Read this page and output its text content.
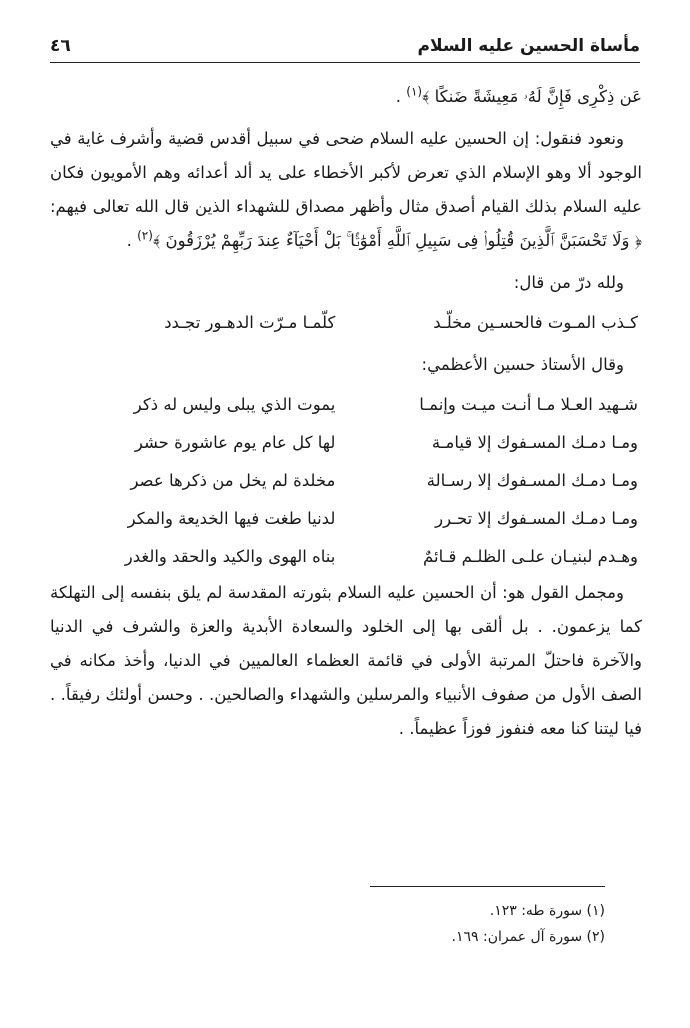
مأساة الحسين عليه السلام
٤٦

عَن ذِكْرِى فَإِنَّ لَهُۥ مَعِيشَةً ضَنكًا ﴾$^{(١)}$ .

ونعود فنقول: إن الحسين عليه السلام ضحى في سبيل أقدس قضية وأشرف غاية في الوجود ألا وهو الإسلام الذي تعرض لأكبر الأخطاء على يد ألد أعدائه وهم الأمويون فكان عليه السلام بذلك القيام أصدق مثال وأظهر مصداق للشهداء الذين قال الله تعالى فيهم: ﴿ وَلَا تَحْسَبَنَّ ٱلَّذِينَ قُتِلُوا۟ فِى سَبِيلِ ٱللَّهِ أَمْوَٰتًۢا ۚ بَلْ أَحْيَآءٌ عِندَ رَبِّهِمْ يُرْزَقُونَ ﴾$^{(٢)}$ .

ولله درّ من قال:

كـذب المـوت فالحسـين مخلّـد
كلّمـا مـرّت الدهـور تجـدد

وقال الأستاذ حسين الأعظمي:

شـهيد العـلا مـا أنـت ميـت وإنمـا
يموت الذي يبلى وليس له ذكر
ومـا دمـك المسـفوك إلا قيامـة
لها كل عام يوم عاشورة حشر
ومـا دمـك المسـفوك إلا رسـالة
مخلدة لم يخل من ذكرها عصر
ومـا دمـك المسـفوك إلا تحـرر
لدنيا طغت فيها الخديعة والمكر
وهـدم لبنيـان علـى الظلـم قـائمٌ
بناه الهوى والكيد والحقد والغدر

ومجمل القول هو: أن الحسين عليه السلام بثورته المقدسة لم يلق بنفسه إلى التهلكة كما يزعمون. . بل ألقى بها إلى الخلود والسعادة الأبدية والعزة والشرف في الدنيا والآخرة فاحتلّ المرتبة الأولى في قائمة العظماء العالميين في الدنيا، وأخذ مكانه في الصف الأول من صفوف الأنبياء والمرسلين والشهداء والصالحين. . وحسن أولئك رفيقاً. . فيا ليتنا كنا معه فنفوز فوزاً عظيماً. .

(١) سورة طه: ١٢٣.
(٢) سورة آل عمران: ١٦٩.
